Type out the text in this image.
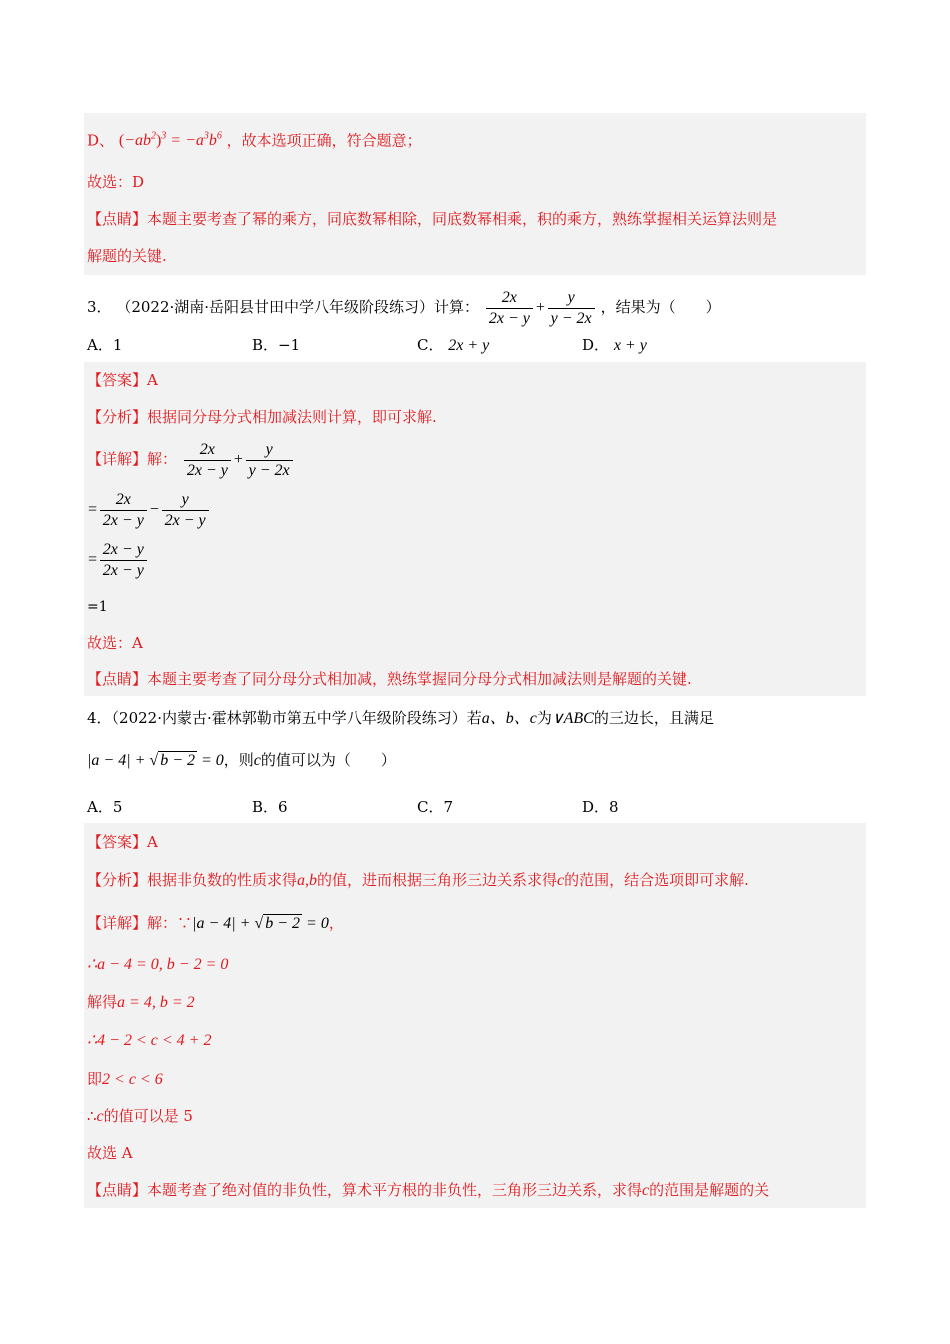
D、 $(-ab^2)^3 = -a^3b^6$ ，故本选项正确，符合题意；
故选：D
【点睛】本题主要考查了幂的乘方，同底数幂相除，同底数幂相乘，积的乘方，熟练掌握相关运算法则是
解题的关键.
3． （2022·湖南·岳阳县甘田中学八年级阶段练习）计算： $\frac{2x}{2x - y} + \frac{y}{y - 2x}$ ，结果为（　　）
A．1	B．−1	C． 2x + y	D． x + y
【答案】A
【分析】根据同分母分式相加减法则计算，即可求解.
【详解】解： $\frac{2x}{2x - y} + \frac{y}{y - 2x}$
= $\frac{2x}{2x - y} - \frac{y}{2x - y}$
= $\frac{2x - y}{2x - y}$
=1
故选：A
【点睛】本题主要考查了同分母分式相加减，熟练掌握同分母分式相加减法则是解题的关键.
4．（2022·内蒙古·霍林郭勒市第五中学八年级阶段练习）若a、b、c为∨ABC的三边长，且满足
|a − 4| + √ b − 2 = 0，则c的值可以为（　　）
A．5	B．6	C．7	D．8
【答案】A
【分析】根据非负数的性质求得a,b的值，进而根据三角形三边关系求得c的范围，结合选项即可求解.
【详解】解：∵|a − 4| + √ b − 2 = 0，
∴a − 4 = 0, b − 2 = 0
解得a = 4, b = 2
∴4 − 2 < c < 4 + 2
即2 < c < 6
∴c的值可以是 5
故选 A
【点睛】本题考查了绝对值的非负性，算术平方根的非负性，三角形三边关系，求得c的范围是解题的关
